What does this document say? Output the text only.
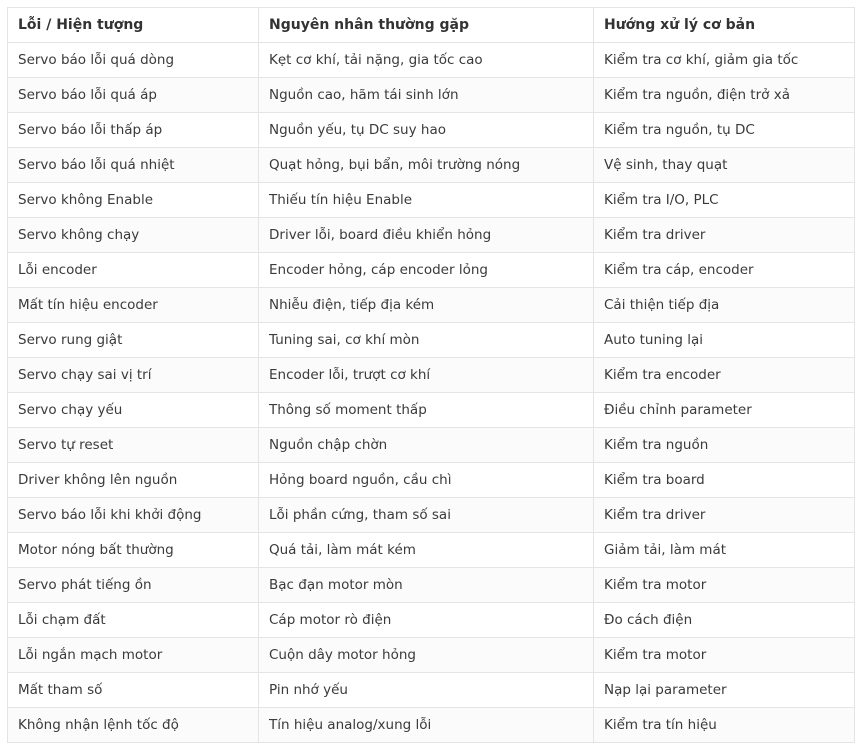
Lỗi / Hiện tượng	Nguyên nhân thường gặp	Hướng xử lý cơ bản
Servo báo lỗi quá dòng	Kẹt cơ khí, tải nặng, gia tốc cao	Kiểm tra cơ khí, giảm gia tốc
Servo báo lỗi quá áp	Nguồn cao, hãm tái sinh lớn	Kiểm tra nguồn, điện trở xả
Servo báo lỗi thấp áp	Nguồn yếu, tụ DC suy hao	Kiểm tra nguồn, tụ DC
Servo báo lỗi quá nhiệt	Quạt hỏng, bụi bẩn, môi trường nóng	Vệ sinh, thay quạt
Servo không Enable	Thiếu tín hiệu Enable	Kiểm tra I/O, PLC
Servo không chạy	Driver lỗi, board điều khiển hỏng	Kiểm tra driver
Lỗi encoder	Encoder hỏng, cáp encoder lỏng	Kiểm tra cáp, encoder
Mất tín hiệu encoder	Nhiễu điện, tiếp địa kém	Cải thiện tiếp địa
Servo rung giật	Tuning sai, cơ khí mòn	Auto tuning lại
Servo chạy sai vị trí	Encoder lỗi, trượt cơ khí	Kiểm tra encoder
Servo chạy yếu	Thông số moment thấp	Điều chỉnh parameter
Servo tự reset	Nguồn chập chờn	Kiểm tra nguồn
Driver không lên nguồn	Hỏng board nguồn, cầu chì	Kiểm tra board
Servo báo lỗi khi khởi động	Lỗi phần cứng, tham số sai	Kiểm tra driver
Motor nóng bất thường	Quá tải, làm mát kém	Giảm tải, làm mát
Servo phát tiếng ồn	Bạc đạn motor mòn	Kiểm tra motor
Lỗi chạm đất	Cáp motor rò điện	Đo cách điện
Lỗi ngắn mạch motor	Cuộn dây motor hỏng	Kiểm tra motor
Mất tham số	Pin nhớ yếu	Nạp lại parameter
Không nhận lệnh tốc độ	Tín hiệu analog/xung lỗi	Kiểm tra tín hiệu
